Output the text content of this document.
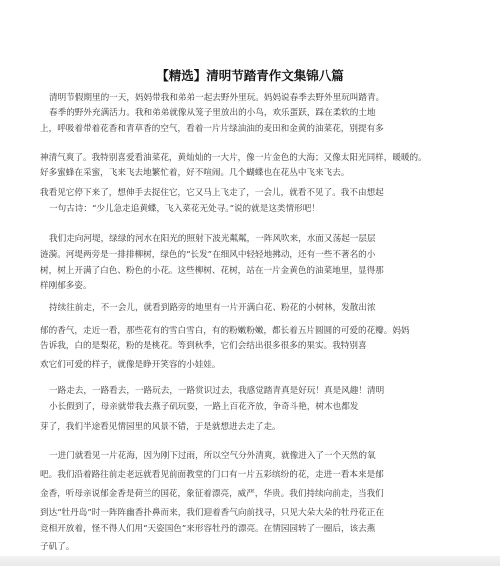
【精选】清明节踏青作文集锦八篇
清明节假期里的一天，妈妈带我和弟弟一起去野外里玩。妈妈说春季去野外里玩叫踏青。
春季的野外充满活力。我和弟弟就像从笼子里放出的小鸟，欢乐蛋跃，踩在柔软的土地
上，呼吸着带着花香和青草香的空气，看着一片片绿油油的麦田和金黄的油菜花，别提有多
神清气爽了。我特别喜爱看油菜花，黄灿灿的一大片，像一片金色的大海；又像太阳光同样，暖暖的。
好多蜜蜂在采蜜，飞来飞去地繁忙着，好不喧闹。几个蝴蝶也在花丛中飞来飞去。
我看见它停下来了，想伸手去捉住它，它又马上飞走了，一会儿，就看不见了。我不由想起
一句古诗：“少儿急走追黄蝶，飞入菜花无处寻。”说的就是这类情形吧！
我们走向河堤，绿绿的河水在阳光的照射下波光粼粼，一阵风吹来，水面又荡起一层层
涟漪。河堤两旁是一排排柳树，绿色的“长发”在细风中轻轻地拂动，还有一些不著名的小
树，树上开满了白色、粉色的小花。这些柳树、花树，站在一片金黄色的油菜地里，显得那
样刚郁多姿。
持续往前走，不一会儿，就看到路旁的地里有一片开满白花、粉花的小树林，发散出浓
郁的香气，走近一看，那些花有的雪白雪白，有的粉嫩粉嫩，都长着五片圆圆的可爱的花瓣。妈妈
告诉我，白的是梨花，粉的是桃花。等到秋季，它们会结出很多很多的果实。我特别喜
欢它们可爱的样子，就像是睁开笑容的小娃娃。
一路走去，一路看去，一路玩去，一路赏识过去，我感觉踏青真是好玩！真是风趣！清明
小长假到了，母亲就带我去燕子矶玩耍，一路上百花齐放，争奇斗艳，树木也都发
芽了，我们半途看见情园里的风景不错，于是就想进去走了走。
一进门就看见一片花海，因为刚下过雨，所以空气分外清爽，就像进入了一个天然的氧
吧。我们沿着路往前走老远就看见前面教堂的门口有一片五彩缤纷的花，走进一看本来是郁
金香，听母亲说郁金香是荷兰的国花，象征着漂亮，威严，华贵。我们持续向前走，当我们
到达“牡丹岛”时一阵阵幽香扑鼻而来，我们迎着香气向前找寻，只见大朵大朵的牡丹花正在
竞相开放着，怪不得人们用“天姿国色”来形容牡丹的漂亮。在情园园转了一圈后，该去燕
子矶了。
